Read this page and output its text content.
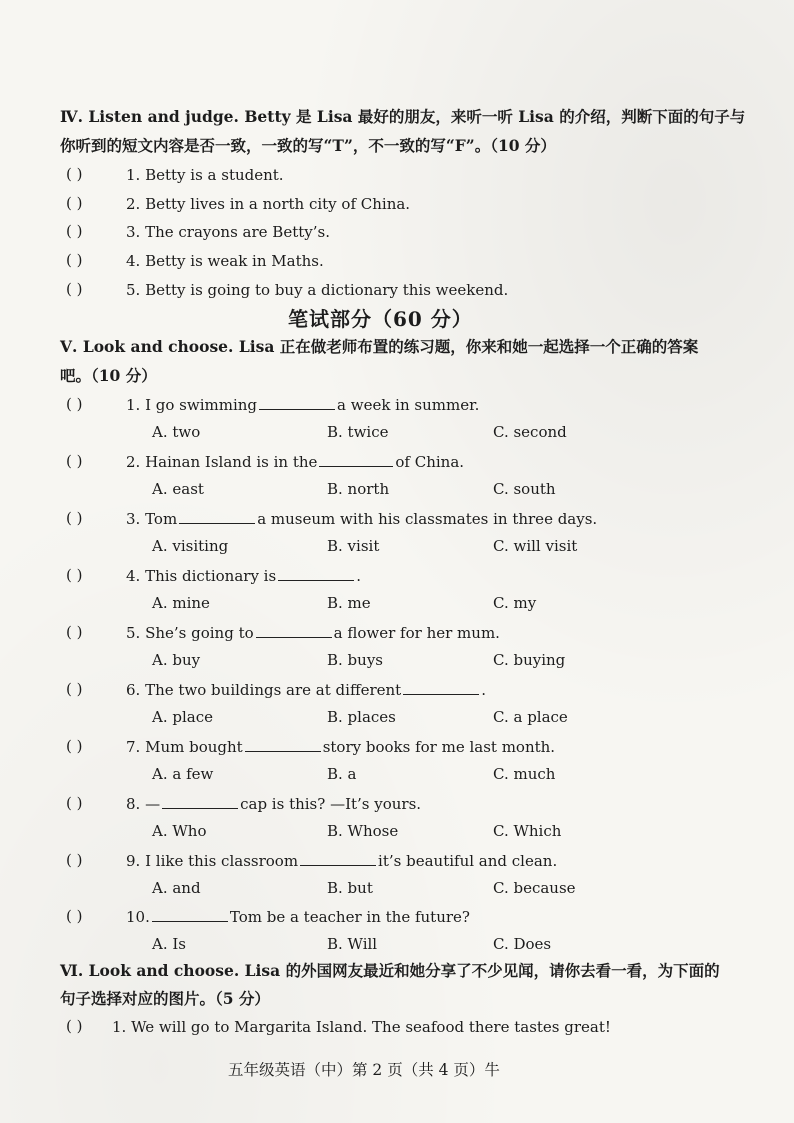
Ⅳ. Listen and judge. Betty 是 Lisa 最好的朋友，来听一听 Lisa 的介绍，判断下面的句子与
你听到的短文内容是否一致，一致的写“T”，不一致的写“F”。（10 分）
( )	1. Betty is a student.
( )	2. Betty lives in a north city of China.
( )	3. The crayons are Betty’s.
( )	4. Betty is weak in Maths.
( )	5. Betty is going to buy a dictionary this weekend.
笔试部分（60 分）
Ⅴ. Look and choose. Lisa 正在做老师布置的练习题，你来和她一起选择一个正确的答案
吧。（10 分）
( )	1. I go swimming	a week in summer.
A. two	B. twice	C. second
( )	2. Hainan Island is in the	of China.
A. east	B. north	C. south
( )	3. Tom	a museum with his classmates in three days.
A. visiting	B. visit	C. will visit
( )	4. This dictionary is	.
A. mine	B. me	C. my
( )	5. She’s going to	a flower for her mum.
A. buy	B. buys	C. buying
( )	6. The two buildings are at different	.
A. place	B. places	C. a place
( )	7. Mum bought	story books for me last month.
A. a few	B. a	C. much
( )	8. —	cap is this? —It’s yours.
A. Who	B. Whose	C. Which
( )	9. I like this classroom	it’s beautiful and clean.
A. and	B. but	C. because
( )	10.	Tom be a teacher in the future?
A. Is	B. Will	C. Does
Ⅵ. Look and choose. Lisa 的外国网友最近和她分享了不少见闻，请你去看一看，为下面的
句子选择对应的图片。（5 分）
( ) 1. We will go to Margarita Island. The seafood there tastes great!
五年级英语（中）第 2 页（共 4 页）牛
